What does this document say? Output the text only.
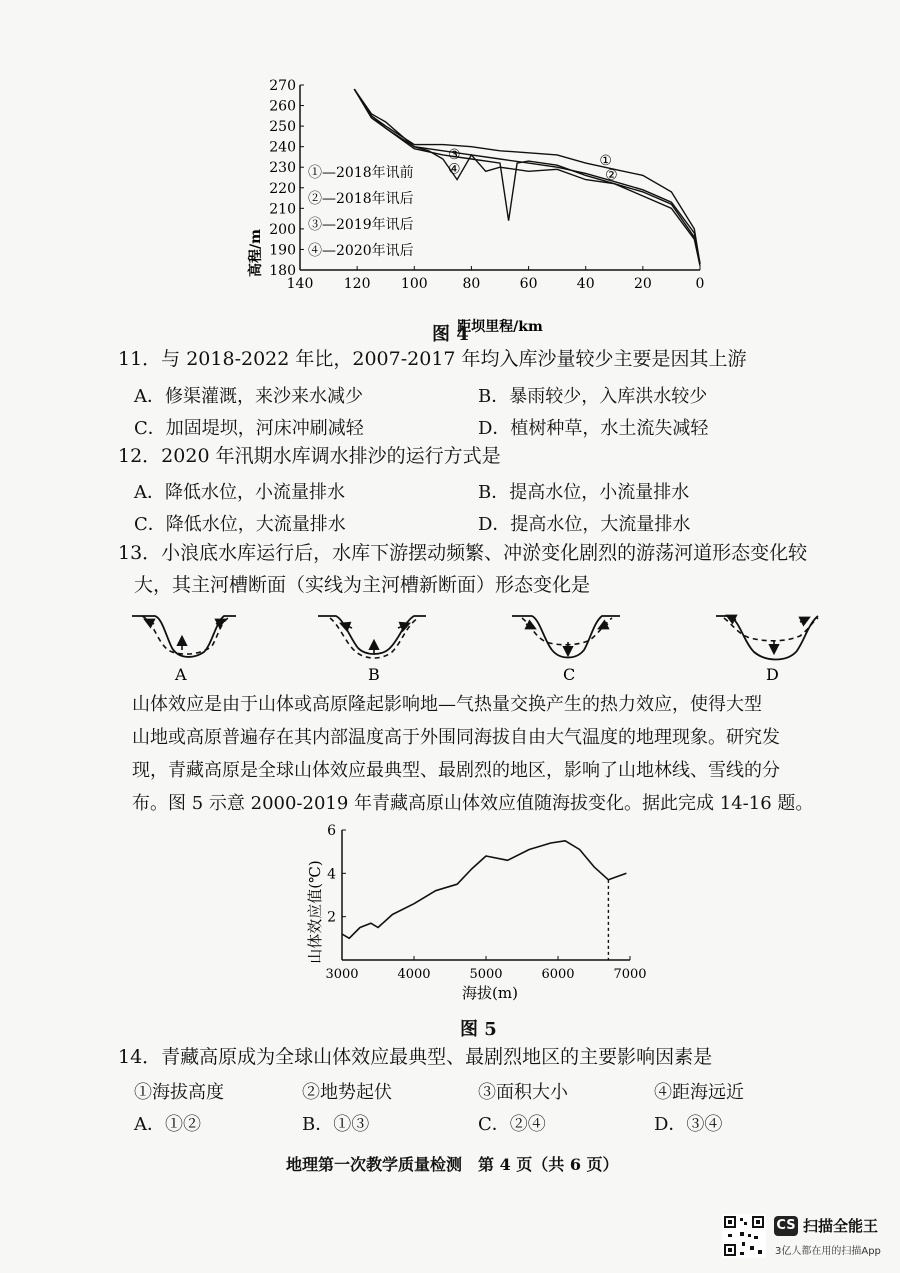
①
②
③
④
180
190
200
210
220
230
240
250
260
270
140 120 100 80	60	40	20	0
高程/m
距坝里程/km
①—2018年讯前
②—2018年讯后
③—2019年讯后
④—2020年讯后
图 4
11．与 2018-2022 年比，2007-2017 年均入库沙量较少主要是因其上游
A．修渠灌溉，来沙来水减少	B．暴雨较少，入库洪水较少
C．加固堤坝，河床冲刷减轻	D．植树种草，水土流失减轻
12．2020 年汛期水库调水排沙的运行方式是
A．降低水位，小流量排水	B．提高水位，小流量排水
C．降低水位，大流量排水	D．提高水位，大流量排水
13．小浪底水库运行后，水库下游摆动频繁、冲淤变化剧烈的游荡河道形态变化较
大，其主河槽断面（实线为主河槽新断面）形态变化是
A	B	C	D
山体效应是由于山体或高原隆起影响地—气热量交换产生的热力效应，使得大型
山地或高原普遍存在其内部温度高于外围同海拔自由大气温度的地理现象。研究发
现，青藏高原是全球山体效应最典型、最剧烈的地区，影响了山地林线、雪线的分
布。图 5 示意 2000-2019 年青藏高原山体效应值随海拔变化。据此完成 14-16 题。
2
4
6
3000	4000	5000	6000	7000
山体效应值(℃)
海拔(m)
图 5
14．青藏高原成为全球山体效应最典型、最剧烈地区的主要影响因素是
①海拔高度	②地势起伏	③面积大小	④距海远近
A．①②	B．①③	C．②④	D．③④
地理第一次教学质量检测　第 4 页（共 6 页）
CS 扫描全能王
3亿人都在用的扫描App
